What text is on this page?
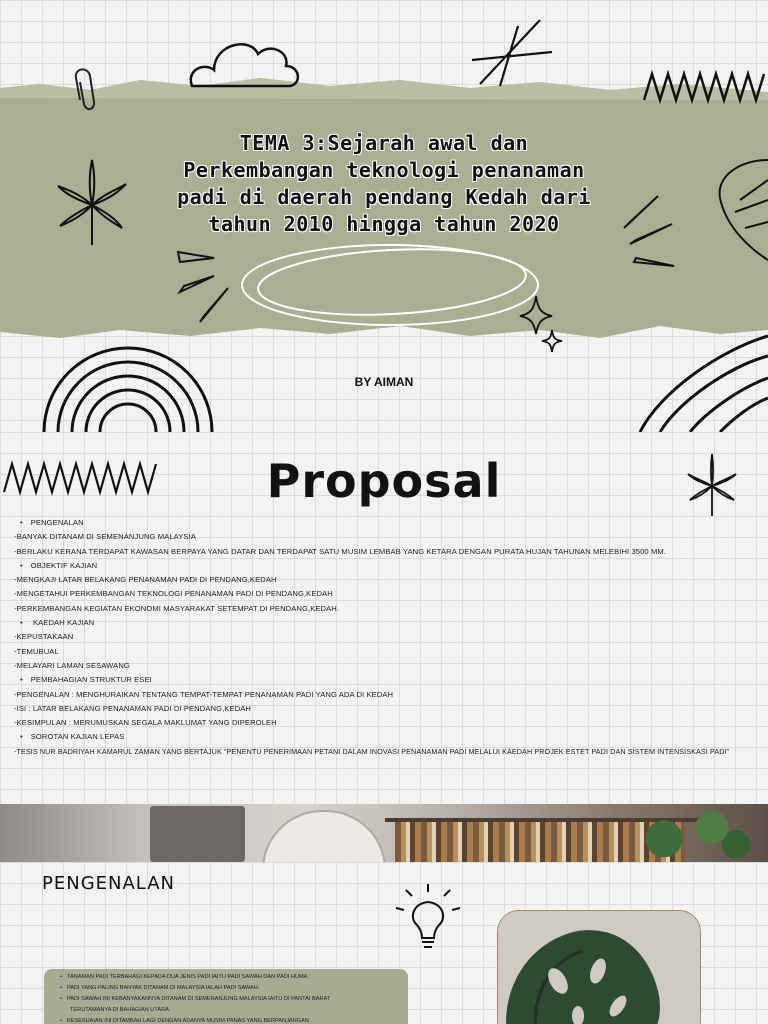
TEMA 3:Sejarah awal dan
Perkembangan teknologi penanaman
padi di daerah pendang Kedah dari
tahun 2010 hingga tahun 2020
BY AIMAN
Proposal
• PENGENALAN
-BANYAK DITANAM DI SEMENANJUNG MALAYSIA
-BERLAKU KERANA TERDAPAT KAWASAN BERPAYA YANG DATAR DAN TERDAPAT SATU MUSIM LEMBAB YANG KETARA DENGAN PURATA HUJAN TAHUNAN MELEBIHI 3500 MM.
• OBJEKTIF KAJIAN
-MENGKAJI LATAR BELAKANG PENANAMAN PADI DI PENDANG,KEDAH
-MENGETAHUI PERKEMBANGAN TEKNOLOGI PENANAMAN PADI DI PENDANG,KEDAH
-PERKEMBANGAN KEGIATAN EKONOMI MASYARAKAT SETEMPAT DI PENDANG,KEDAH.
• KAEDAH KAJIAN
-KEPUSTAKAAN
-TEMUBUAL
-MELAYARI LAMAN SESAWANG
• PEMBAHAGIAN STRUKTUR ESEI
-PENGENALAN : MENGHURAIKAN TENTANG TEMPAT-TEMPAT PENANAMAN PADI YANG ADA DI KEDAH
-ISI : LATAR BELAKANG PENANAMAN PADI DI PENDANG,KEDAH
-KESIMPULAN : MERUMUSKAN SEGALA MAKLUMAT YANG DIPEROLEH
• SOROTAN KAJIAN LEPAS
-TESIS NUR BADRIYAH KAMARUL ZAMAN YANG BERTAJUK "PENENTU PENERIMAAN PETANI DALAM INOVASI PENANAMAN PADI MELALUI KAEDAH PROJEK ESTET PADI DAN SISTEM INTENSISKASI PADI"
PENGENALAN
• TANAMAN PADI TERBAHAGI KEPADA DUA JENIS PADI IAITU PADI SAWAH DAN PADI HUMA.
• PADI YANG PALING BANYAK DITANAM DI MALAYSIA IALAH PADI SAWAH.
• PADI SAWAH INI KEBANYAKANNYA DITANAM DI SEMENANJUNG MALAYSIA IAITU DI PANTAI BARAT
TERUTAMANYA DI BAHAGIAN UTARA.
• KESESUAIAN INI DITAMBAH LAGI DENGAN ADANYA MUSIM PANAS YANG BERPANJANGAN
